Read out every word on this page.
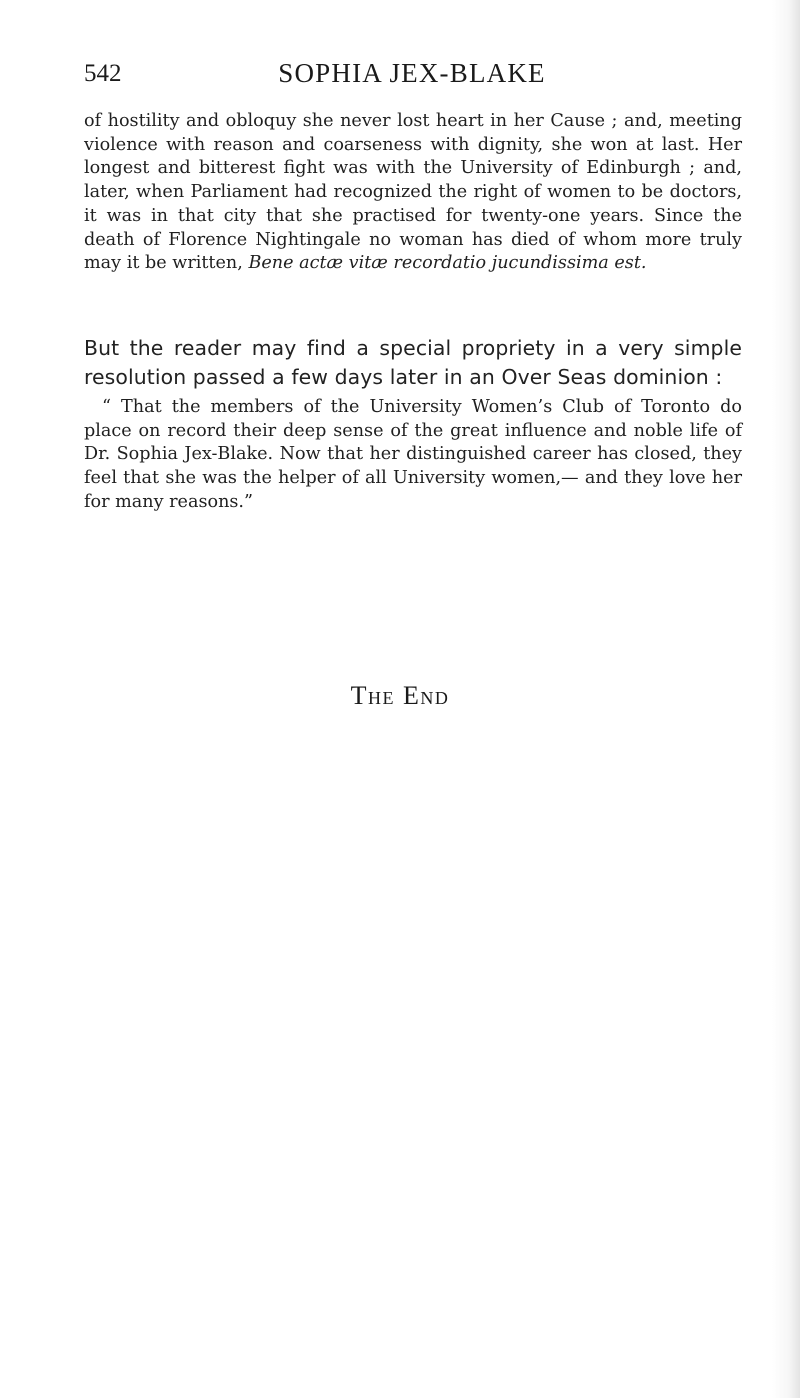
542	SOPHIA JEX-BLAKE

of hostility and obloquy she never lost heart in her Cause ; and, meeting violence with reason and coarseness with dignity, she won at last. Her longest and bitterest fight was with the University of Edinburgh ; and, later, when Parliament had recognized the right of women to be doctors, it was in that city that she practised for twenty-one years. Since the death of Florence Nightingale no woman has died of whom more truly may it be written, Bene actæ vitæ recordatio jucundissima est.

But the reader may find a special propriety in a very simple resolution passed a few days later in an Over Seas dominion :

“ That the members of the University Women’s Club of Toronto do place on record their deep sense of the great influence and noble life of Dr. Sophia Jex-Blake. Now that her distinguished career has closed, they feel that she was the helper of all University women,— and they love her for many reasons.”

The End
